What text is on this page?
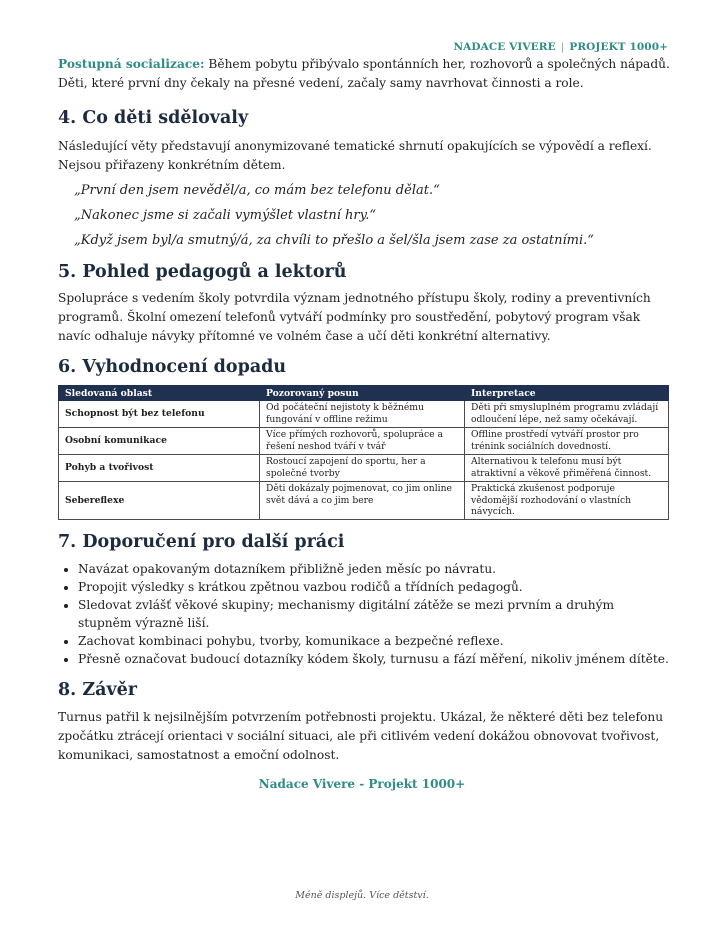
NADACE VIVERE | PROJEKT 1000+

Postupná socializace: Během pobytu přibývalo spontánních her, rozhovorů a společných nápadů. Děti, které první dny čekaly na přesné vedení, začaly samy navrhovat činnosti a role.

4. Co děti sdělovaly

Následující věty představují anonymizované tematické shrnutí opakujících se výpovědí a reflexí. Nejsou přiřazeny konkrétním dětem.

„První den jsem nevěděl/a, co mám bez telefonu dělat.“

„Nakonec jsme si začali vymýšlet vlastní hry.“

„Když jsem byl/a smutný/á, za chvíli to přešlo a šel/šla jsem zase za ostatními.“

5. Pohled pedagogů a lektorů

Spolupráce s vedením školy potvrdila význam jednotného přístupu školy, rodiny a preventivních programů. Školní omezení telefonů vytváří podmínky pro soustředění, pobytový program však navíc odhaluje návyky přítomné ve volném čase a učí děti konkrétní alternativy.

6. Vyhodnocení dopadu
Sledovaná oblast	Pozorovaný posun	Interpretace
Schopnost být bez telefonu	Od počáteční nejistoty k běžnému fungování v offline režimu	Děti při smysluplném programu zvládají odloučení lépe, než samy očekávají.
Osobní komunikace	Více přímých rozhovorů, spolupráce a řešení neshod tváří v tvář	Offline prostředí vytváří prostor pro trénink sociálních dovedností.
Pohyb a tvořivost	Rostoucí zapojení do sportu, her a společné tvorby	Alternativou k telefonu musí být atraktivní a věkově přiměřená činnost.
Sebereflexe	Děti dokázaly pojmenovat, co jim online svět dává a co jim bere	Praktická zkušenost podporuje vědomější rozhodování o vlastních návycích.
7. Doporučení pro další práci
• Navázat opakovaným dotazníkem přibližně jeden měsíc po návratu.
• Propojit výsledky s krátkou zpětnou vazbou rodičů a třídních pedagogů.
• Sledovat zvlášť věkové skupiny; mechanismy digitální zátěže se mezi prvním a druhým stupněm výrazně liší.
• Zachovat kombinaci pohybu, tvorby, komunikace a bezpečné reflexe.
• Přesně označovat budoucí dotazníky kódem školy, turnusu a fází měření, nikoliv jménem dítěte.
8. Závěr

Turnus patřil k nejsilnějším potvrzením potřebnosti projektu. Ukázal, že některé děti bez telefonu zpočátku ztrácejí orientaci v sociální situaci, ale při citlivém vedení dokážou obnovovat tvořivost, komunikaci, samostatnost a emoční odolnost.

Nadace Vivere - Projekt 1000+
Méně displejů. Více dětství.
